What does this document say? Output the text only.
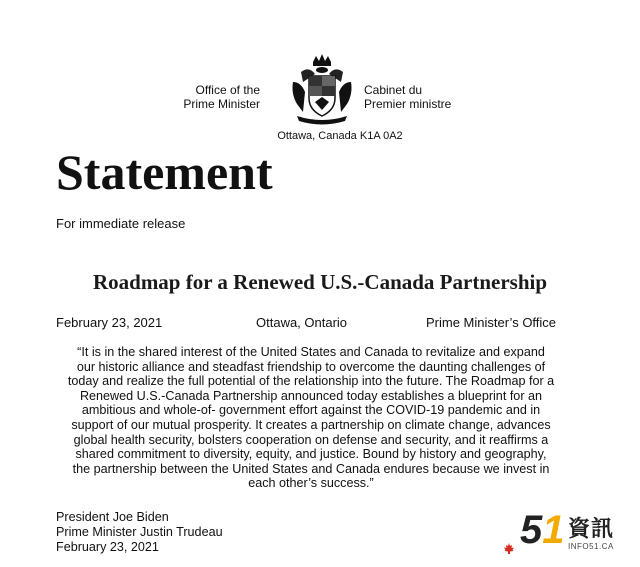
Office of the
Prime Minister
Cabinet du
Premier ministre
Ottawa, Canada K1A 0A2
Statement
For immediate release
Roadmap for a Renewed U.S.-Canada Partnership
February 23, 2021	Ottawa, Ontario	Prime Minister’s Office
“It is in the shared interest of the United States and Canada to revitalize and expand
our historic alliance and steadfast friendship to overcome the daunting challenges of
today and realize the full potential of the relationship into the future. The Roadmap for a
Renewed U.S.-Canada Partnership announced today establishes a blueprint for an
ambitious and whole-of- government effort against the COVID-19 pandemic and in
support of our mutual prosperity. It creates a partnership on climate change, advances
global health security, bolsters cooperation on defense and security, and it reaffirms a
shared commitment to diversity, equity, and justice. Bound by history and geography,
the partnership between the United States and Canada endures because we invest in
each other’s success.”
President Joe Biden
Prime Minister Justin Trudeau
February 23, 2021	51 資訊
INFO51.CA
